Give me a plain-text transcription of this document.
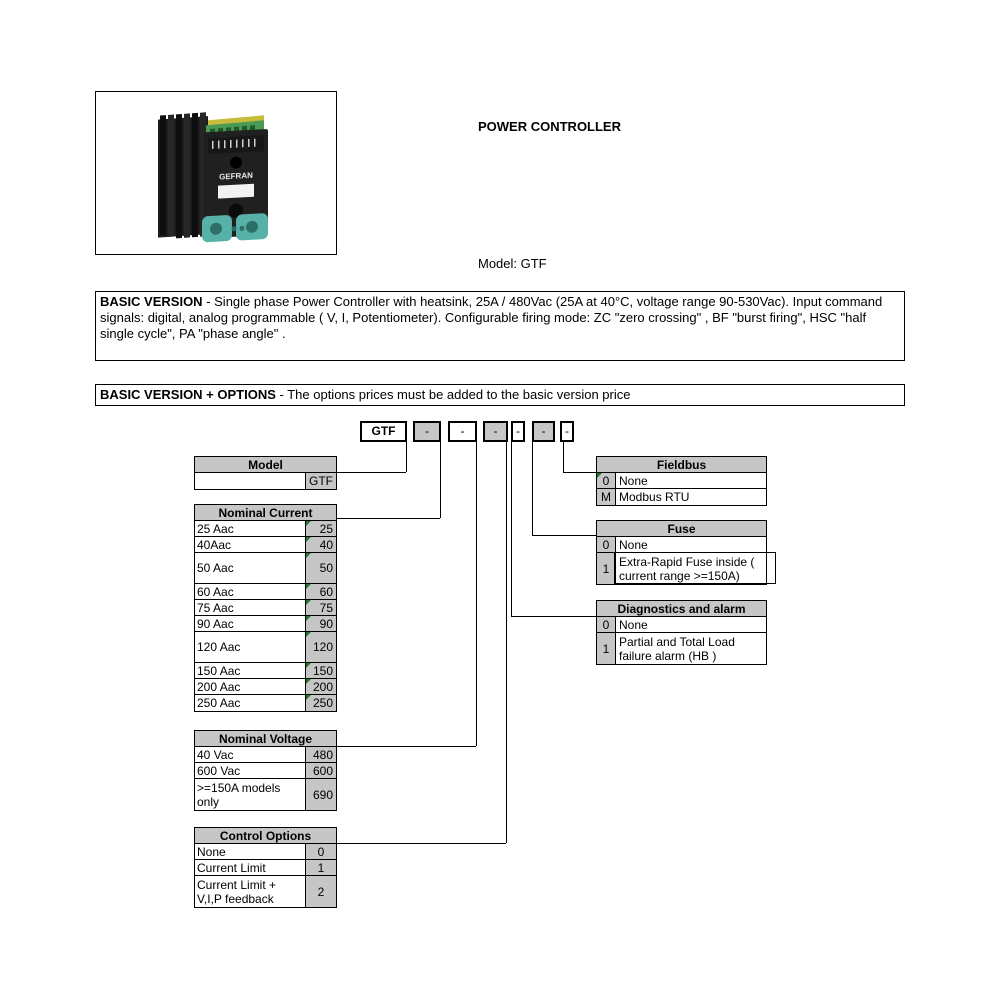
GEFRAN
POWER CONTROLLER
Model: GTF
BASIC VERSION - Single phase Power Controller with heatsink, 25A / 480Vac (25A at 40°C, voltage range 90-530Vac). Input command signals: digital, analog programmable ( V, I, Potentiometer). Configurable firing mode: ZC "zero crossing" , BF "burst firing", HSC "half single cycle", PA "phase angle" .
BASIC VERSION + OPTIONS - The options prices must be added to the basic version price
GTF	-	-	-	-	-	-
Model
GTF
Nominal Current
25 Aac	25
40Aac	40
50 Aac	50
60 Aac	60
75 Aac	75
90 Aac	90
120 Aac	120
150 Aac	150
200 Aac	200
250 Aac	250
Nominal Voltage
40 Vac	480
600 Vac	600
>=150A models only	690
Control Options
None	0
Current Limit	1
Current Limit + V,I,P feedback	2
Fieldbus
0 None
M Modbus RTU
Fuse
0 None
1 Extra-Rapid Fuse inside ( current range >=150A)
Diagnostics and alarm
0 None
1 Partial and Total Load failure alarm (HB )
